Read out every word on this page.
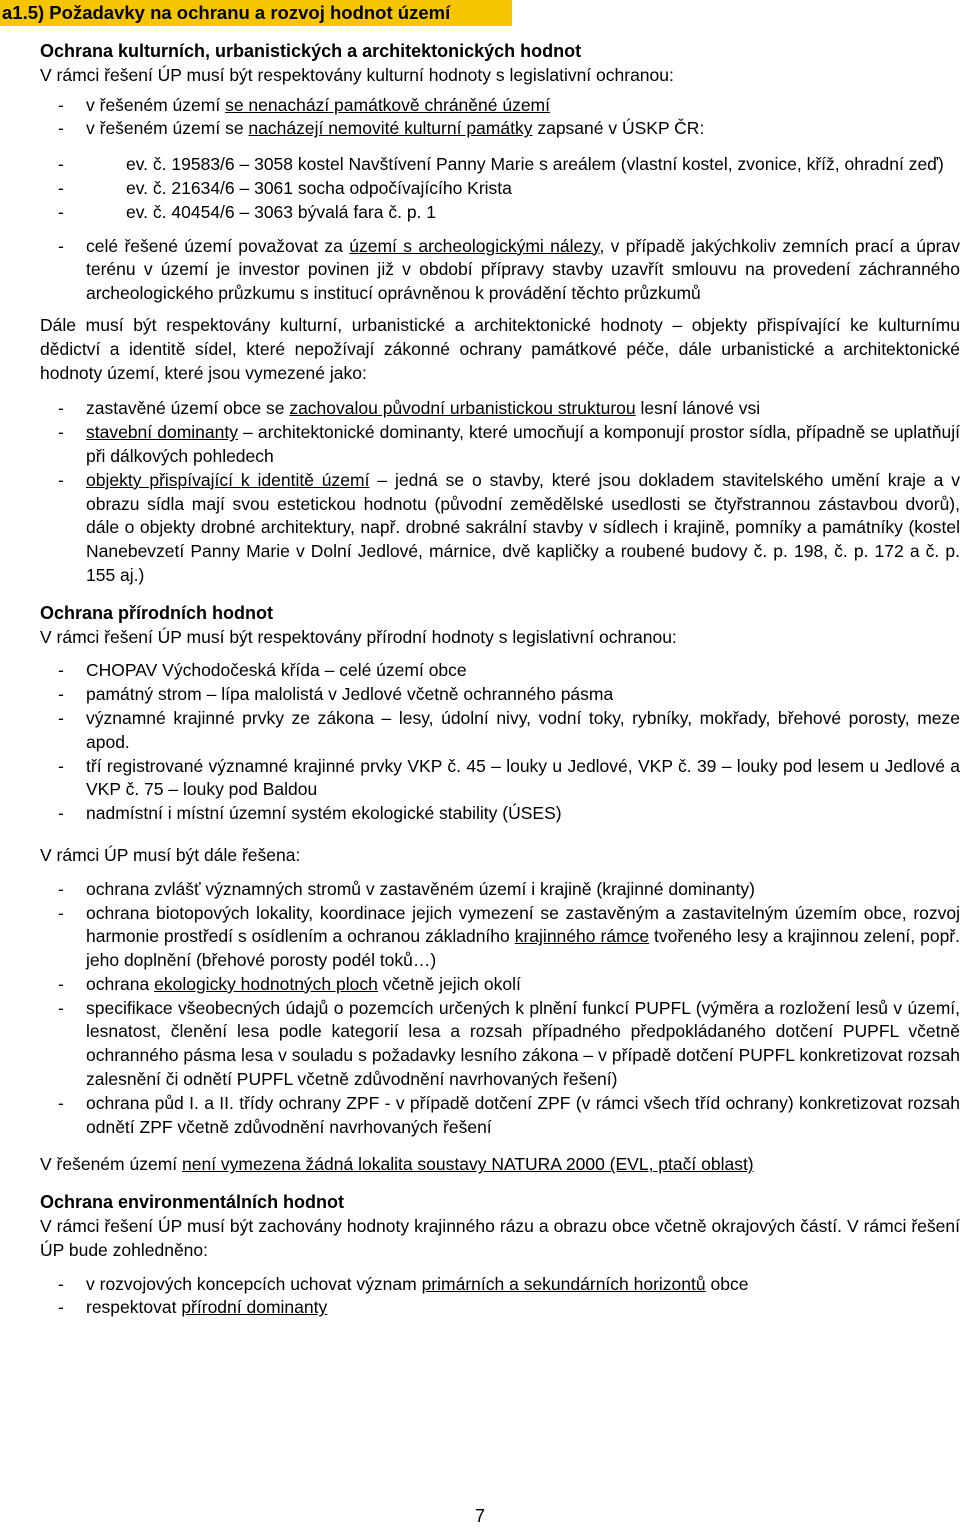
a1.5) Požadavky na ochranu a rozvoj hodnot území
Ochrana kulturních, urbanistických a architektonických hodnot
V rámci řešení ÚP musí být respektovány kulturní hodnoty s legislativní ochranou:
- v řešeném území se nenachází památkově chráněné území
- v řešeném území se nacházejí nemovité kulturní památky zapsané v ÚSKP ČR:
- ev. č. 19583/6 – 3058 kostel Navštívení Panny Marie s areálem (vlastní kostel, zvonice, kříž, ohradní zeď)
- ev. č. 21634/6 – 3061 socha odpočívajícího Krista
- ev. č. 40454/6 – 3063 bývalá fara č. p. 1
- celé řešené území považovat za území s archeologickými nálezy, v případě jakýchkoliv zemních prací a úprav terénu v území je investor povinen již v období přípravy stavby uzavřít smlouvu na provedení záchranného archeologického průzkumu s institucí oprávněnou k provádění těchto průzkumů
Dále musí být respektovány kulturní, urbanistické a architektonické hodnoty – objekty přispívající ke kulturnímu dědictví a identitě sídel, které nepožívají zákonné ochrany památkové péče, dále urbanistické a architektonické hodnoty území, které jsou vymezené jako:
- zastavěné území obce se zachovalou původní urbanistickou strukturou lesní lánové vsi
- stavební dominanty – architektonické dominanty, které umocňují a komponují prostor sídla, případně se uplatňují při dálkových pohledech
- objekty přispívající k identitě území – jedná se o stavby, které jsou dokladem stavitelského umění kraje a v obrazu sídla mají svou estetickou hodnotu (původní zemědělské usedlosti se čtyřstrannou zástavbou dvorů), dále o objekty drobné architektury, např. drobné sakrální stavby v sídlech i krajině, pomníky a památníky (kostel Nanebevzetí Panny Marie v Dolní Jedlové, márnice, dvě kapličky a roubené budovy č. p. 198, č. p. 172 a č. p. 155 aj.)
Ochrana přírodních hodnot
V rámci řešení ÚP musí být respektovány přírodní hodnoty s legislativní ochranou:
- CHOPAV Východočeská křída – celé území obce
- památný strom – lípa malolistá v Jedlové včetně ochranného pásma
- významné krajinné prvky ze zákona – lesy, údolní nivy, vodní toky, rybníky, mokřady, břehové porosty, meze apod.
- tří registrované významné krajinné prvky VKP č. 45 – louky u Jedlové, VKP č. 39 – louky pod lesem u Jedlové a VKP č. 75 – louky pod Baldou
- nadmístní i místní územní systém ekologické stability (ÚSES)
V rámci ÚP musí být dále řešena:
- ochrana zvlášť významných stromů v zastavěném území i krajině (krajinné dominanty)
- ochrana biotopových lokality, koordinace jejich vymezení se zastavěným a zastavitelným územím obce, rozvoj harmonie prostředí s osídlením a ochranou základního krajinného rámce tvořeného lesy a krajinnou zelení, popř. jeho doplnění (břehové porosty podél toků…)
- ochrana ekologicky hodnotných ploch včetně jejich okolí
- specifikace všeobecných údajů o pozemcích určených k plnění funkcí PUPFL (výměra a rozložení lesů v území, lesnatost, členění lesa podle kategorií lesa a rozsah případného předpokládaného dotčení PUPFL včetně ochranného pásma lesa v souladu s požadavky lesního zákona – v případě dotčení PUPFL konkretizovat rozsah zalesnění či odnětí PUPFL včetně zdůvodnění navrhovaných řešení)
- ochrana půd I. a II. třídy ochrany ZPF - v případě dotčení ZPF (v rámci všech tříd ochrany) konkretizovat rozsah odnětí ZPF včetně zdůvodnění navrhovaných řešení
V řešeném území není vymezena žádná lokalita soustavy NATURA 2000 (EVL, ptačí oblast)
Ochrana environmentálních hodnot
V rámci řešení ÚP musí být zachovány hodnoty krajinného rázu a obrazu obce včetně okrajových částí. V rámci řešení ÚP bude zohledněno:
- v rozvojových koncepcích uchovat význam primárních a sekundárních horizontů obce
- respektovat přírodní dominanty
7
